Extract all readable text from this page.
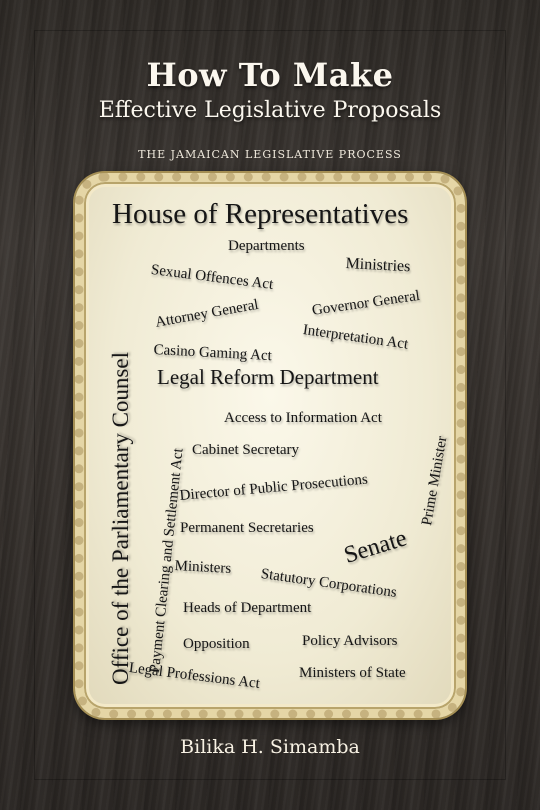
How To Make
Effective Legislative Proposals
THE JAMAICAN LEGISLATIVE PROCESS
House of Representatives
Departments
Ministries
Sexual Offences Act
Attorney General	Governor General
Interpretation Act
Casino Gaming Act
Legal Reform Department
Office of the Parliamentary Counsel Payment Clearing and Settlement Act
Access to Information Act
Prime Minister
Cabinet Secretary
Director of Public Prosecutions
Permanent Secretaries Senate
Ministers Statutory Corporations
Heads of Department
Opposition	Policy Advisors
Legal Professions Act	Ministers of State
Bilika H. Simamba
